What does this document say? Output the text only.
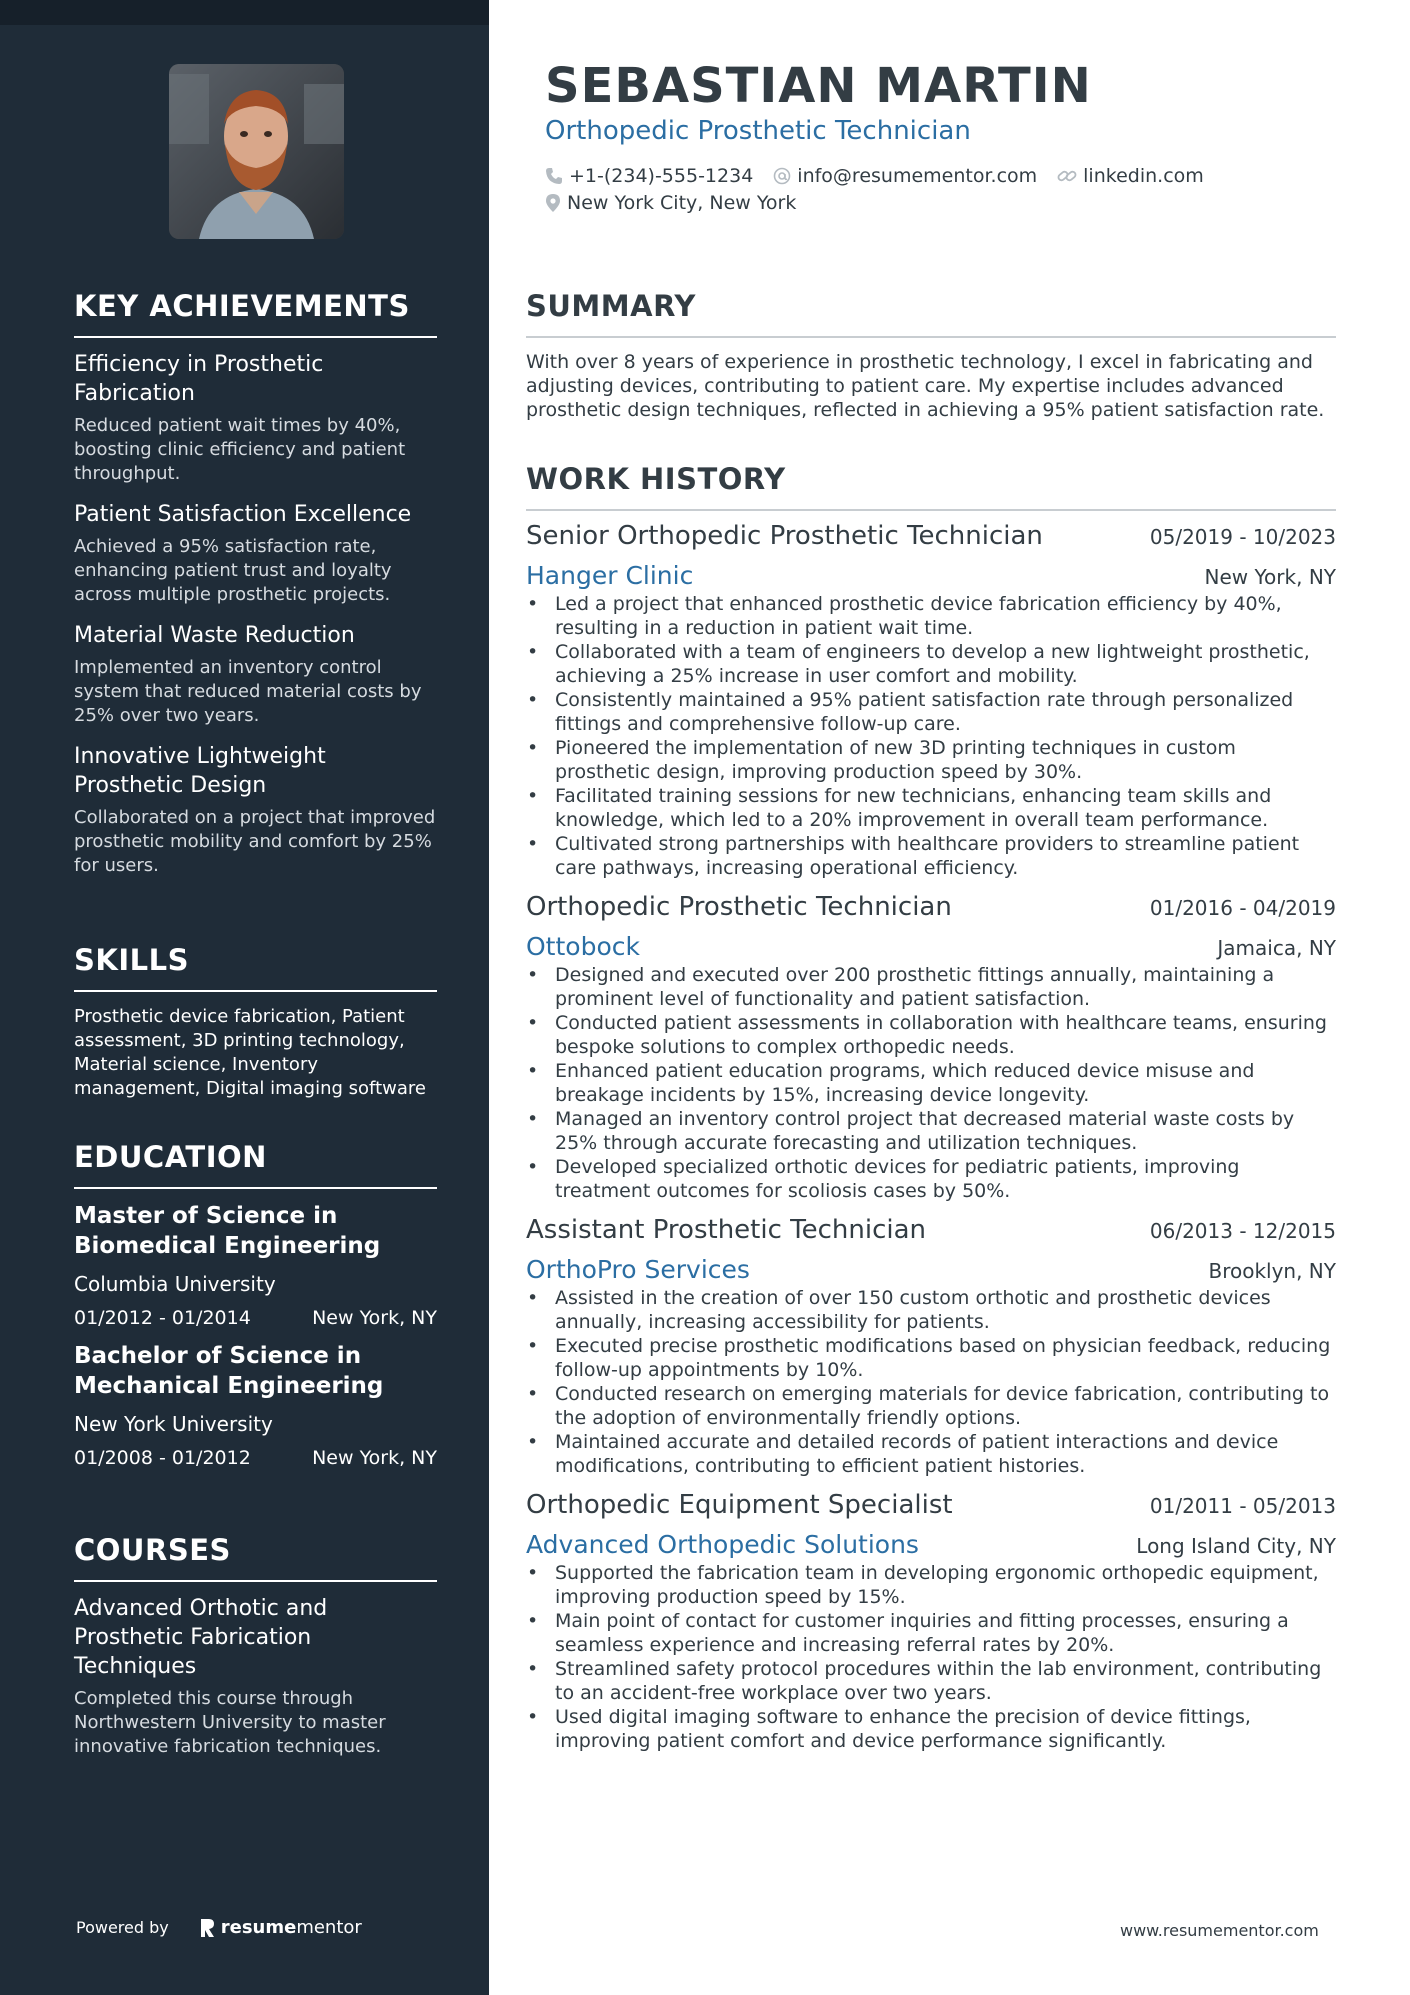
KEY ACHIEVEMENTS
Efficiency in Prosthetic Fabrication
Reduced patient wait times by 40%, boosting clinic efficiency and patient throughput.
Patient Satisfaction Excellence
Achieved a 95% satisfaction rate, enhancing patient trust and loyalty across multiple prosthetic projects.
Material Waste Reduction
Implemented an inventory control system that reduced material costs by 25% over two years.
Innovative Lightweight Prosthetic Design
Collaborated on a project that improved prosthetic mobility and comfort by 25% for users.
SKILLS
Prosthetic device fabrication, Patient assessment, 3D printing technology, Material science, Inventory management, Digital imaging software
EDUCATION
Master of Science in Biomedical Engineering
Columbia University
01/2012 - 01/2014	New York, NY
Bachelor of Science in Mechanical Engineering
New York University
01/2008 - 01/2012	New York, NY
COURSES
Advanced Orthotic and Prosthetic Fabrication Techniques
Completed this course through Northwestern University to master innovative fabrication techniques.
Powered by	resume mentor
SEBASTIAN MARTIN
Orthopedic Prosthetic Technician
+1-(234)-555-1234 info@resumementor.com linkedin.com
New York City, New York
SUMMARY
With over 8 years of experience in prosthetic technology, I excel in fabricating and adjusting devices, contributing to patient care. My expertise includes advanced prosthetic design techniques, reflected in achieving a 95% patient satisfaction rate.
WORK HISTORY
Senior Orthopedic Prosthetic Technician	05/2019 - 10/2023
Hanger Clinic	New York, NY
• Led a project that enhanced prosthetic device fabrication efficiency by 40%, resulting in a reduction in patient wait time.
• Collaborated with a team of engineers to develop a new lightweight prosthetic, achieving a 25% increase in user comfort and mobility.
• Consistently maintained a 95% patient satisfaction rate through personalized fittings and comprehensive follow-up care.
• Pioneered the implementation of new 3D printing techniques in custom prosthetic design, improving production speed by 30%.
• Facilitated training sessions for new technicians, enhancing team skills and knowledge, which led to a 20% improvement in overall team performance.
• Cultivated strong partnerships with healthcare providers to streamline patient care pathways, increasing operational efficiency.
Orthopedic Prosthetic Technician	01/2016 - 04/2019
Ottobock	Jamaica, NY
• Designed and executed over 200 prosthetic fittings annually, maintaining a prominent level of functionality and patient satisfaction.
• Conducted patient assessments in collaboration with healthcare teams, ensuring bespoke solutions to complex orthopedic needs.
• Enhanced patient education programs, which reduced device misuse and breakage incidents by 15%, increasing device longevity.
• Managed an inventory control project that decreased material waste costs by 25% through accurate forecasting and utilization techniques.
• Developed specialized orthotic devices for pediatric patients, improving treatment outcomes for scoliosis cases by 50%.
Assistant Prosthetic Technician	06/2013 - 12/2015
OrthoPro Services	Brooklyn, NY
• Assisted in the creation of over 150 custom orthotic and prosthetic devices annually, increasing accessibility for patients.
• Executed precise prosthetic modifications based on physician feedback, reducing follow-up appointments by 10%.
• Conducted research on emerging materials for device fabrication, contributing to the adoption of environmentally friendly options.
• Maintained accurate and detailed records of patient interactions and device modifications, contributing to efficient patient histories.
Orthopedic Equipment Specialist	01/2011 - 05/2013
Advanced Orthopedic Solutions	Long Island City, NY
• Supported the fabrication team in developing ergonomic orthopedic equipment, improving production speed by 15%.
• Main point of contact for customer inquiries and fitting processes, ensuring a seamless experience and increasing referral rates by 20%.
• Streamlined safety protocol procedures within the lab environment, contributing to an accident-free workplace over two years.
• Used digital imaging software to enhance the precision of device fittings, improving patient comfort and device performance significantly.
www.resumementor.com
